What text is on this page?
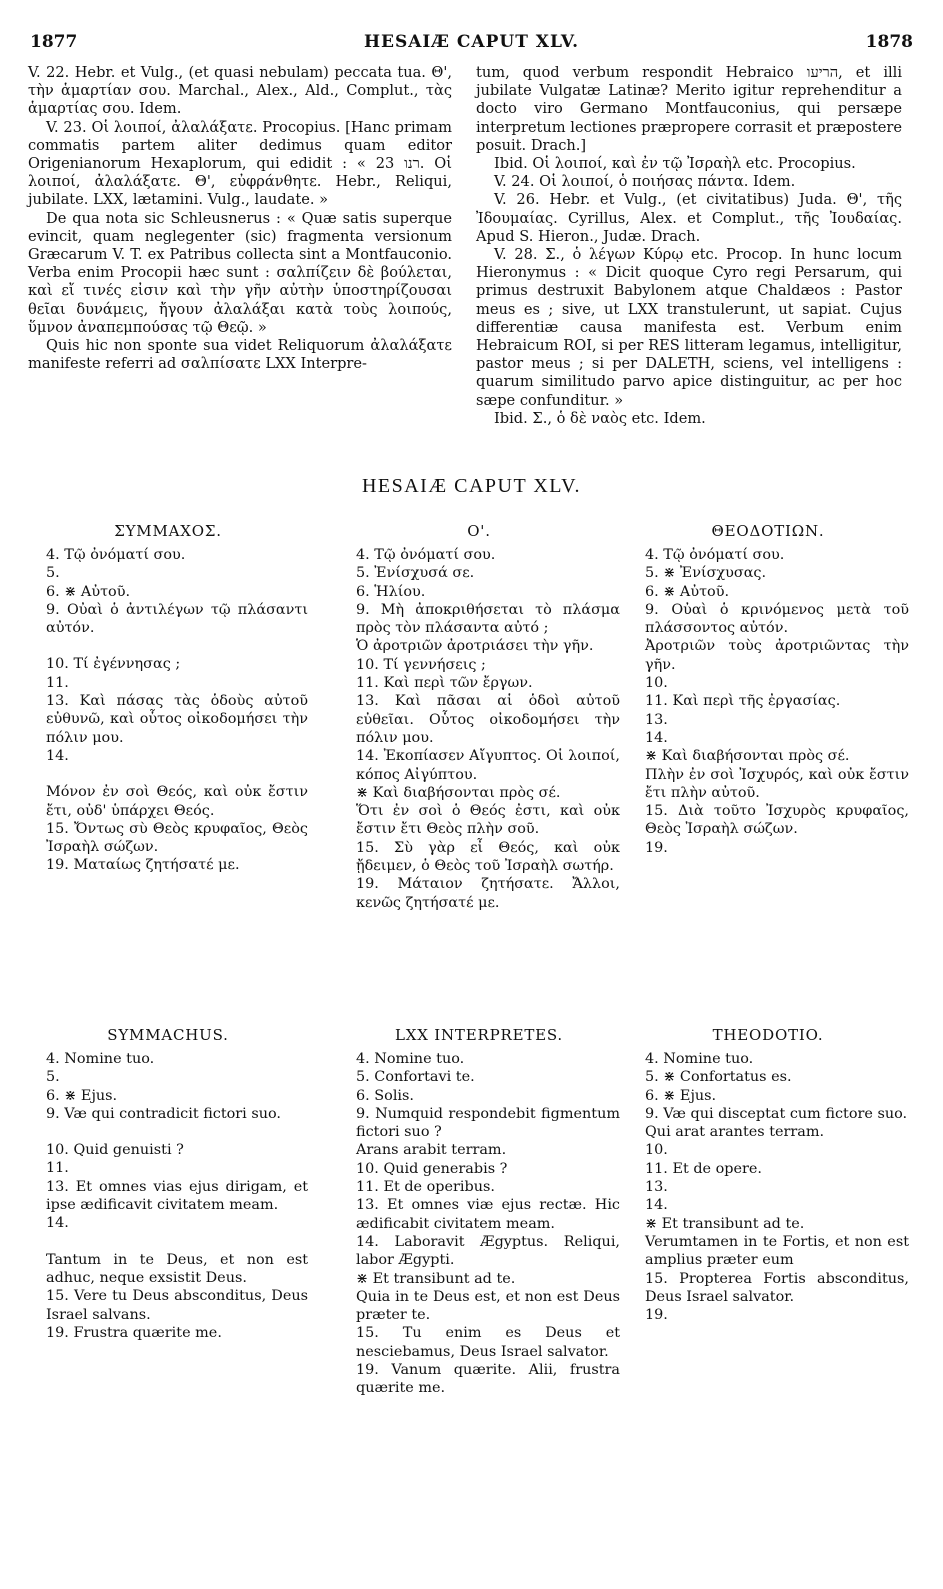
1877	HESAIÆ CAPUT XLV.	1878

V. 22. Hebr. et Vulg., (et quasi nebulam) peccata tua. Θ', τὴν ἁμαρτίαν σου. Marchal., Alex., Ald., Complut., τὰς ἁμαρτίας σου. Idem.

V. 23. Οἱ λοιποί, ἀλαλάξατε. Procopius. [Hanc primam commatis partem aliter dedimus quam editor Origenianorum Hexaplorum, qui edidit : « רנו 23. Οἱ λοιποί, ἀλαλάξατε. Θ', εὐφράνθητε. Hebr., Reliqui, jubilate. LXX, lætamini. Vulg., laudate. »

De qua nota sic Schleusnerus : « Quæ satis superque evincit, quam neglegenter (sic) fragmenta versionum Græcarum V. T. ex Patribus collecta sint a Montfauconio. Verba enim Procopii hæc sunt : σαλπίζειν δὲ βούλεται, καὶ εἴ τινές εἰσιν καὶ τὴν γῆν αὐτὴν ὑποστηρίζουσαι θεῖαι δυνάμεις, ἤγουν ἀλαλάξαι κατὰ τοὺς λοιπούς, ὕμνον ἀναπεμπούσας τῷ Θεῷ. »

Quis hic non sponte sua videt Reliquorum ἀλαλάξατε manifeste referri ad σαλπίσατε LXX Interpre-

tum, quod verbum respondit Hebraico הריעו, et illi jubilate Vulgatæ Latinæ? Merito igitur reprehenditur a docto viro Germano Montfauconius, qui persæpe interpretum lectiones præpropere corrasit et præpostere posuit. Drach.]

Ibid. Οἱ λοιποί, καὶ ἐν τῷ Ἰσραὴλ etc. Procopius.

V. 24. Οἱ λοιποί, ὁ ποιήσας πάντα. Idem.

V. 26. Hebr. et Vulg., (et civitatibus) Juda. Θ', τῆς Ἰδουμαίας. Cyrillus, Alex. et Complut., τῆς Ἰουδαίας. Apud S. Hieron., Judæ. Drach.

V. 28. Σ., ὁ λέγων Κύρῳ etc. Procop. In hunc locum Hieronymus : « Dicit quoque Cyro regi Persarum, qui primus destruxit Babylonem atque Chaldæos : Pastor meus es ; sive, ut LXX transtulerunt, ut sapiat. Cujus differentiæ causa manifesta est. Verbum enim Hebraicum ROI, si per RES litteram legamus, intelligitur, pastor meus ; si per DALETH, sciens, vel intelligens : quarum similitudo parvo apice distinguitur, ac per hoc sæpe confunditur. »

Ibid. Σ., ὁ δὲ ναὸς etc. Idem.

HESAIÆ CAPUT XLV.
ΣΥΜΜΑΧΟΣ.
4. Τῷ ὀνόματί σου.
5.
6. ⋇ Αὐτοῦ.
9. Οὐαὶ ὁ ἀντιλέγων τῷ πλάσαντι αὐτόν.
10. Τί ἐγέννησας ;
11.
13. Καὶ πάσας τὰς ὁδοὺς αὐτοῦ εὐθυνῶ, καὶ οὗτος οἰκοδομήσει τὴν πόλιν μου.
14.
Μόνον ἐν σοὶ Θεός, καὶ οὐκ ἔστιν ἔτι, οὐδ' ὑπάρχει Θεός.
15. Ὄντως σὺ Θεὸς κρυφαῖος, Θεὸς Ἰσραὴλ σώζων.
19. Ματαίως ζητήσατέ με.
Ο'.
4. Τῷ ὀνόματί σου.
5. Ἐνίσχυσά σε.
6. Ἡλίου.
9. Μὴ ἀποκριθήσεται τὸ πλάσμα πρὸς τὸν πλάσαντα αὐτό ;
Ὁ ἀροτριῶν ἀροτριάσει τὴν γῆν.
10. Τί γεννήσεις ;
11. Καὶ περὶ τῶν ἔργων.
13. Καὶ πᾶσαι αἱ ὁδοὶ αὐτοῦ εὐθεῖαι. Οὗτος οἰκοδομήσει τὴν πόλιν μου.
14. Ἐκοπίασεν Αἴγυπτος. Οἱ λοιποί, κόπος Αἰγύπτου.
⋇ Καὶ διαβήσονται πρὸς σέ.
Ὅτι ἐν σοὶ ὁ Θεός ἐστι, καὶ οὐκ ἔστιν ἔτι Θεὸς πλὴν σοῦ.
15. Σὺ γὰρ εἶ Θεός, καὶ οὐκ ᾔδειμεν, ὁ Θεὸς τοῦ Ἰσραὴλ σωτήρ.
19. Μάταιον ζητήσατε. Ἄλλοι, κενῶς ζητήσατέ με.
ΘΕΟΔΟΤΙΩΝ.
4. Τῷ ὀνόματί σου.
5. ⋇ Ἐνίσχυσας.
6. ⋇ Αὐτοῦ.
9. Οὐαὶ ὁ κρινόμενος μετὰ τοῦ πλάσσοντος αὐτόν.
Ἀροτριῶν τοὺς ἀροτριῶντας τὴν γῆν.
10.
11. Καὶ περὶ τῆς ἐργασίας.
13.
14.
⋇ Καὶ διαβήσονται πρὸς σέ.
Πλὴν ἐν σοὶ Ἰσχυρός, καὶ οὐκ ἔστιν ἔτι πλὴν αὐτοῦ.
15. Διὰ τοῦτο Ἰσχυρὸς κρυφαῖος, Θεὸς Ἰσραὴλ σώζων.
19.
SYMMACHUS.
4. Nomine tuo.
5.
6. ⋇ Ejus.
9. Væ qui contradicit fictori suo.
10. Quid genuisti ?
11.
13. Et omnes vias ejus dirigam, et ipse ædificavit civitatem meam.
14.
Tantum in te Deus, et non est adhuc, neque exsistit Deus.
15. Vere tu Deus absconditus, Deus Israel salvans.
19. Frustra quærite me.
LXX INTERPRETES.
4. Nomine tuo.
5. Confortavi te.
6. Solis.
9. Numquid respondebit figmentum fictori suo ?
Arans arabit terram.
10. Quid generabis ?
11. Et de operibus.
13. Et omnes viæ ejus rectæ. Hic ædificabit civitatem meam.
14. Laboravit Ægyptus. Reliqui, labor Ægypti.
⋇ Et transibunt ad te.
Quia in te Deus est, et non est Deus præter te.
15. Tu enim es Deus et nesciebamus, Deus Israel salvator.
19. Vanum quærite. Alii, frustra quærite me.
THEODOTIO.
4. Nomine tuo.
5. ⋇ Confortatus es.
6. ⋇ Ejus.
9. Væ qui disceptat cum fictore suo.
Qui arat arantes terram.
10.
11. Et de opere.
13.
14.
⋇ Et transibunt ad te.
Verumtamen in te Fortis, et non est amplius præter eum
15. Propterea Fortis absconditus, Deus Israel salvator.
19.
